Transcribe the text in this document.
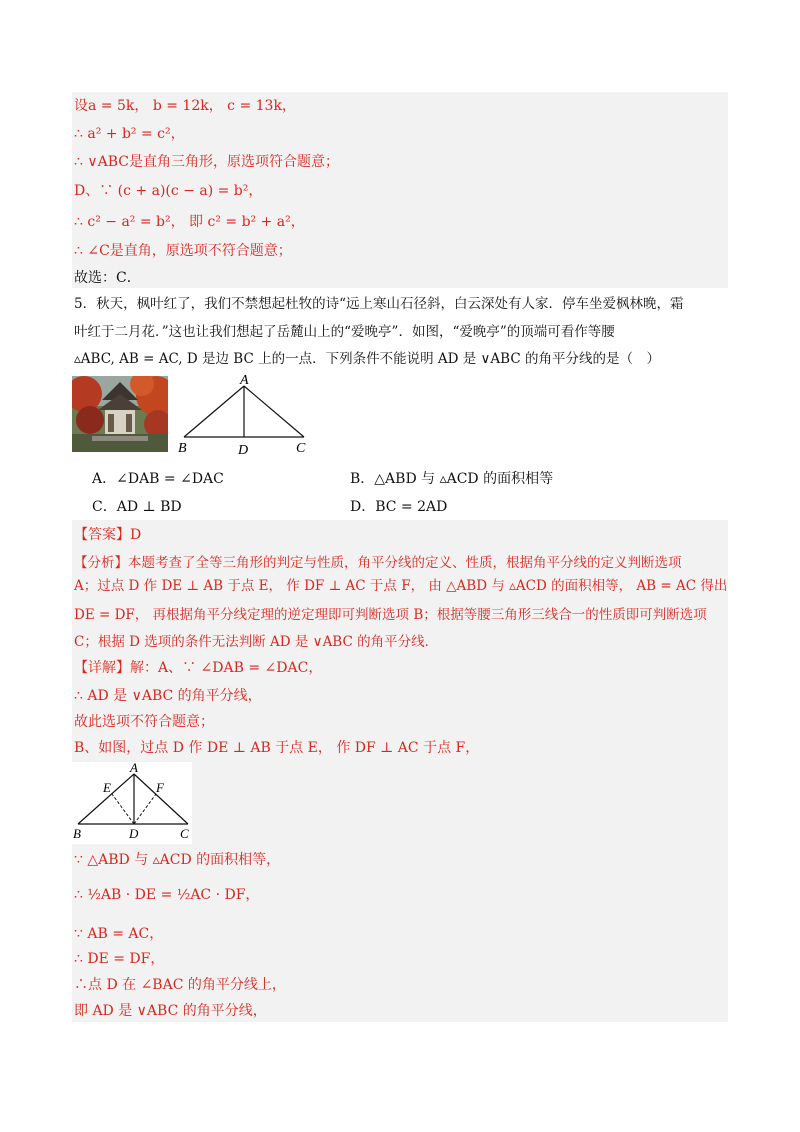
设a = 5k， b = 12k， c = 13k，
∴ a² + b² = c²，
∴ ∨ABC是直角三角形，原选项符合题意；
D、∵ (c + a)(c − a) = b²，
∴ c² − a² = b²， 即 c² = b² + a²，
∴ ∠C是直角，原选项不符合题意；
故选：C．
5．秋天，枫叶红了，我们不禁想起杜牧的诗“远上寒山石径斜，白云深处有人家．停车坐爱枫林晚，霜
叶红于二月花．”这也让我们想起了岳麓山上的“爱晚亭”．如图，“爱晚亭”的顶端可看作等腰
▵ABC, AB = AC, D 是边 BC 上的一点．下列条件不能说明 AD 是 ∨ABC 的角平分线的是（　）
A
B	D	C
A．∠DAB = ∠DAC	B．△ABD 与 ▵ACD 的面积相等
C．AD ⊥ BD	D．BC = 2AD
【答案】D
【分析】本题考查了全等三角形的判定与性质，角平分线的定义、性质，根据角平分线的定义判断选项
A；过点 D 作 DE ⊥ AB 于点 E， 作 DF ⊥ AC 于点 F， 由 △ABD 与 ▵ACD 的面积相等， AB = AC 得出
DE = DF， 再根据角平分线定理的逆定理即可判断选项 B；根据等腰三角形三线合一的性质即可判断选项
C；根据 D 选项的条件无法判断 AD 是 ∨ABC 的角平分线．
【详解】解：A、∵ ∠DAB = ∠DAC，
∴ AD 是 ∨ABC 的角平分线，
故此选项不符合题意；
B、如图，过点 D 作 DE ⊥ AB 于点 E， 作 DF ⊥ AC 于点 F，
A
E	F
B	D	C
∵ △ABD 与 ▵ACD 的面积相等，
∴ ½AB · DE = ½AC · DF，
∵ AB = AC，
∴ DE = DF，
∴点 D 在 ∠BAC 的角平分线上，
即 AD 是 ∨ABC 的角平分线，
